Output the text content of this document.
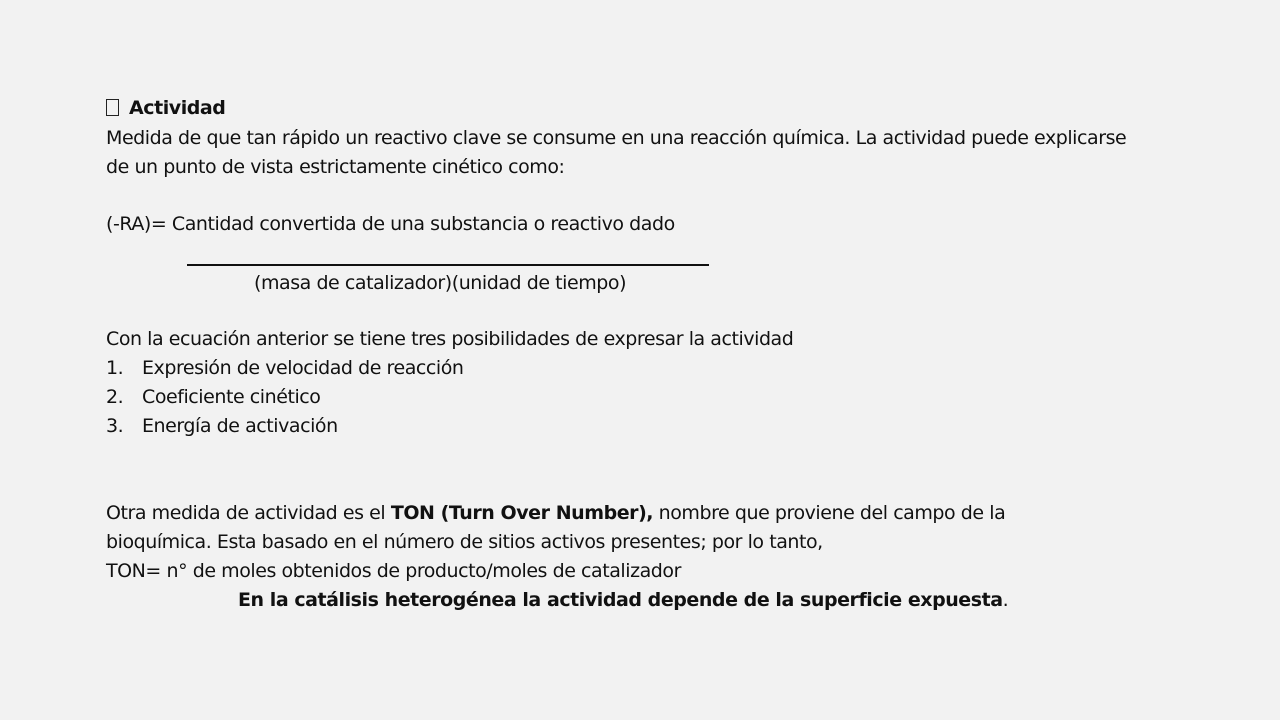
Actividad
Medida de que tan rápido un reactivo clave se consume en una reacción química. La actividad puede explicarse
de un punto de vista estrictamente cinético como:
(-RA)= Cantidad convertida de una substancia o reactivo dado
(masa de catalizador)(unidad de tiempo)
Con la ecuación anterior se tiene tres posibilidades de expresar la actividad
1. Expresión de velocidad de reacción
2. Coeficiente cinético
3. Energía de activación
Otra medida de actividad es el TON (Turn Over Number), nombre que proviene del campo de la
bioquímica. Esta basado en el número de sitios activos presentes; por lo tanto,
TON= n° de moles obtenidos de producto/moles de catalizador
En la catálisis heterogénea la actividad depende de la superficie expuesta.
